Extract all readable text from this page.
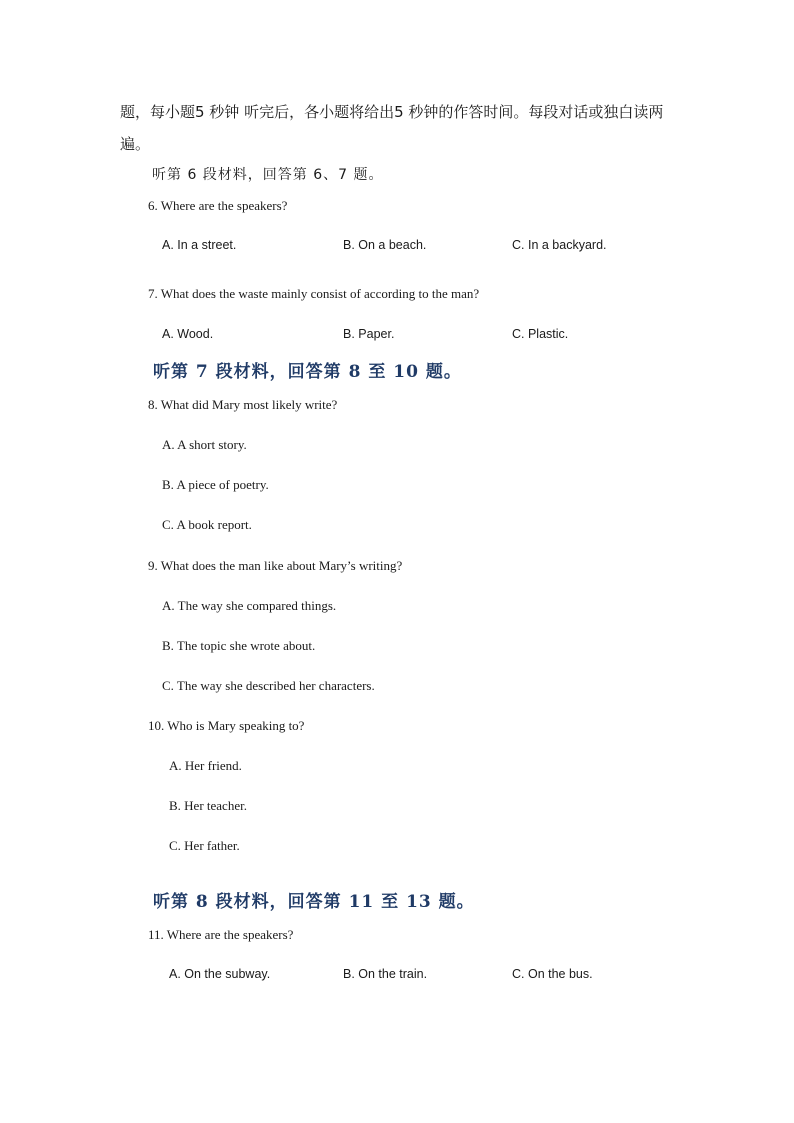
题，每小题5 秒钟 听完后，各小题将给出5 秒钟的作答时间。每段对话或独白读两
遍。
听第 6 段材料，回答第 6、7 题。
6. Where are the speakers?
A. In a street.	B. On a beach.	C. In a backyard.
7. What does the waste mainly consist of according to the man?
A. Wood.	B. Paper.	C. Plastic.
听第 7 段材料，回答第 8 至 10 题。
8. What did Mary most likely write?
A. A short story.
B. A piece of poetry.
C. A book report.
9. What does the man like about Mary’s writing?
A. The way she compared things.
B. The topic she wrote about.
C. The way she described her characters.
10. Who is Mary speaking to?
A. Her friend.
B. Her teacher.
C. Her father.
听第 8 段材料，回答第 11 至 13 题。
11. Where are the speakers?
A. On the subway.	B. On the train.	C. On the bus.
